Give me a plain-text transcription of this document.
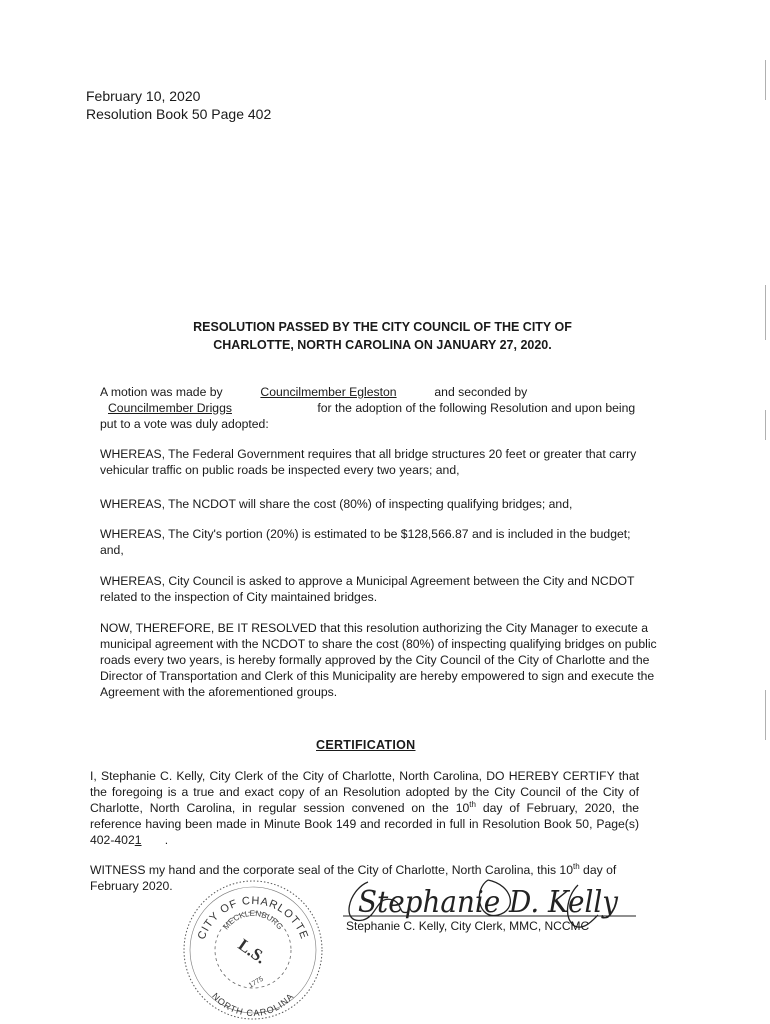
February 10, 2020
Resolution Book 50 Page 402
RESOLUTION PASSED BY THE CITY COUNCIL OF THE CITY OF
CHARLOTTE, NORTH CAROLINA ON JANUARY 27, 2020.
A motion was made by	Councilmember Egleston	and seconded by
Councilmember Driggs	for the adoption of the following Resolution and upon being
put to a vote was duly adopted:
WHEREAS, The Federal Government requires that all bridge structures 20 feet or greater that carry vehicular traffic on public roads be inspected every two years; and,
WHEREAS, The NCDOT will share the cost (80%) of inspecting qualifying bridges; and,
WHEREAS, The City's portion (20%) is estimated to be $128,566.87 and is included in the budget; and,
WHEREAS, City Council is asked to approve a Municipal Agreement between the City and NCDOT related to the inspection of City maintained bridges.
NOW, THEREFORE, BE IT RESOLVED that this resolution authorizing the City Manager to execute a municipal agreement with the NCDOT to share the cost (80%) of inspecting qualifying bridges on public roads every two years, is hereby formally approved by the City Council of the City of Charlotte and the Director of Transportation and Clerk of this Municipality are hereby empowered to sign and execute the Agreement with the aforementioned groups.
CERTIFICATION
I, Stephanie C. Kelly, City Clerk of the City of Charlotte, North Carolina, DO HEREBY CERTIFY that the foregoing is a true and exact copy of an Resolution adopted by the City Council of the City of Charlotte, North Carolina, in regular session convened on the 10th day of February, 2020, the reference having been made in Minute Book 149 and recorded in full in Resolution Book 50, Page(s) 402-4021 .
WITNESS my hand and the corporate seal of the City of Charlotte, North Carolina, this 10th day of February 2020.
CITY OF CHARLOTTE
NORTH CAROLINA
MECKLENBURG
L.S.
1775
Stephanie D. Kelly
Stephanie C. Kelly, City Clerk, MMC, NCCMC
